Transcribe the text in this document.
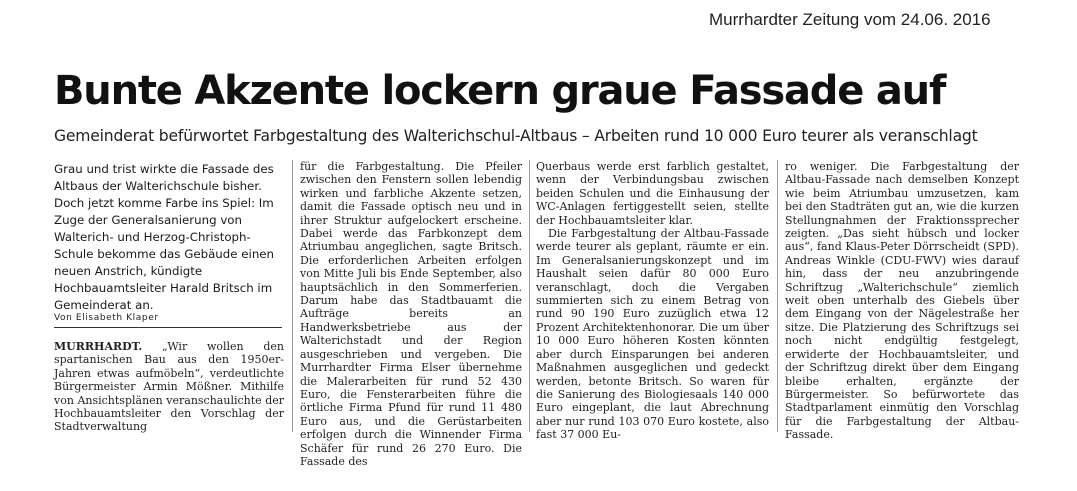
Murrhardter Zeitung vom 24.06. 2016
Bunte Akzente lockern graue Fassade auf
Gemeinderat befürwortet Farbgestaltung des Walterichschul-Altbaus – Arbeiten rund 10 000 Euro teurer als veranschlagt

Grau und trist wirkte die Fassade des Altbaus der Walterichschule bisher. Doch jetzt komme Farbe ins Spiel: Im Zuge der Generalsanierung von Walterich- und Herzog-Christoph-Schule bekomme das Gebäude einen neuen Anstrich, kündigte Hochbauamtsleiter Harald Britsch im Gemeinderat an.

Von Elisabeth Klaper

MURRHARDT. „Wir wollen den spartanischen Bau aus den 1950er-Jahren etwas aufmöbeln“, verdeutlichte Bürgermeister Armin Mößner. Mithilfe von Ansichtsplänen veranschaulichte der Hochbauamtsleiter den Vorschlag der Stadtverwaltung

für die Farbgestaltung. Die Pfeiler zwischen den Fenstern sollen lebendig wirken und farbliche Akzente setzen, damit die Fassade optisch neu und in ihrer Struktur aufgelockert erscheine. Dabei werde das Farbkonzept dem Atriumbau angeglichen, sagte Britsch. Die erforderlichen Arbeiten erfolgen von Mitte Juli bis Ende September, also hauptsächlich in den Sommerferien. Darum habe das Stadtbauamt die Aufträge bereits an Handwerksbetriebe aus der Walterichstadt und der Region ausgeschrieben und vergeben. Die Murrhardter Firma Elser übernehme die Malerarbeiten für rund 52 430 Euro, die Fensterarbeiten führe die örtliche Firma Pfund für rund 11 480 Euro aus, und die Gerüstarbeiten erfolgen durch die Winnender Firma Schäfer für rund 26 270 Euro. Die Fassade des

Querbaus werde erst farblich gestaltet, wenn der Verbindungsbau zwischen beiden Schulen und die Einhausung der WC-Anlagen fertiggestellt seien, stellte der Hochbauamtsleiter klar.

Die Farbgestaltung der Altbau-Fassade werde teurer als geplant, räumte er ein. Im Generalsanierungskonzept und im Haushalt seien dafür 80 000 Euro veranschlagt, doch die Vergaben summierten sich zu einem Betrag von rund 90 190 Euro zuzüglich etwa 12 Prozent Architektenhonorar. Die um über 10 000 Euro höheren Kosten könnten aber durch Einsparungen bei anderen Maßnahmen ausgeglichen und gedeckt werden, betonte Britsch. So waren für die Sanierung des Biologiesaals 140 000 Euro eingeplant, die laut Abrechnung aber nur rund 103 070 Euro kostete, also fast 37 000 Eu-

ro weniger. Die Farbgestaltung der Altbau-Fassade nach demselben Konzept wie beim Atriumbau umzusetzen, kam bei den Stadträten gut an, wie die kurzen Stellungnahmen der Fraktionssprecher zeigten. „Das sieht hübsch und locker aus“, fand Klaus-Peter Dörrscheidt (SPD). Andreas Winkle (CDU-FWV) wies darauf hin, dass der neu anzubringende Schriftzug „Walterichschule“ ziemlich weit oben unterhalb des Giebels über dem Eingang von der Nägelestraße her sitze. Die Platzierung des Schriftzugs sei noch nicht endgültig festgelegt, erwiderte der Hochbauamtsleiter, und der Schriftzug direkt über dem Eingang bleibe erhalten, ergänzte der Bürgermeister. So befürwortete das Stadtparlament einmütig den Vorschlag für die Farbgestaltung der Altbau-Fassade.
